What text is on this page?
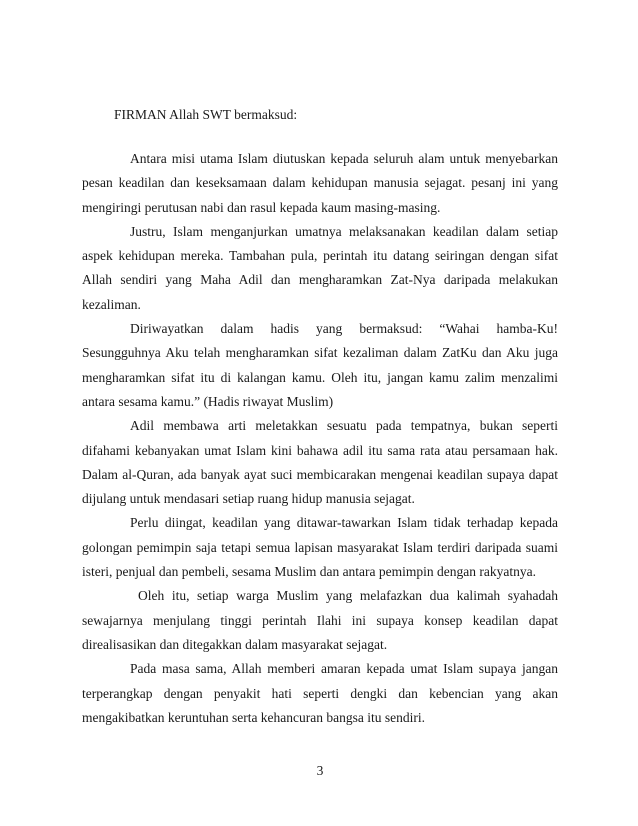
FIRMAN Allah SWT bermaksud:

Antara misi utama Islam diutuskan kepada seluruh alam untuk menyebarkan pesan keadilan dan keseksamaan dalam kehidupan manusia sejagat. pesanj ini yang mengiringi perutusan nabi dan rasul kepada kaum masing-masing.

Justru, Islam menganjurkan umatnya melaksanakan keadilan dalam setiap aspek kehidupan mereka. Tambahan pula, perintah itu datang seiringan dengan sifat Allah sendiri yang Maha Adil dan mengharamkan Zat-Nya daripada melakukan kezaliman.

Diriwayatkan dalam hadis yang bermaksud: “Wahai hamba-Ku! Sesungguhnya Aku telah mengharamkan sifat kezaliman dalam ZatKu dan Aku juga mengharamkan sifat itu di kalangan kamu. Oleh itu, jangan kamu zalim menzalimi antara sesama kamu.” (Hadis riwayat Muslim)

Adil membawa arti meletakkan sesuatu pada tempatnya, bukan seperti difahami kebanyakan umat Islam kini bahawa adil itu sama rata atau persamaan hak. Dalam al-Quran, ada banyak ayat suci membicarakan mengenai keadilan supaya dapat dijulang untuk mendasari setiap ruang hidup manusia sejagat.

Perlu diingat, keadilan yang ditawar-tawarkan Islam tidak terhadap kepada golongan pemimpin saja tetapi semua lapisan masyarakat Islam terdiri daripada suami isteri, penjual dan pembeli, sesama Muslim dan antara pemimpin dengan rakyatnya.

Oleh itu, setiap warga Muslim yang melafazkan dua kalimah syahadah sewajarnya menjulang tinggi perintah Ilahi ini supaya konsep keadilan dapat direalisasikan dan ditegakkan dalam masyarakat sejagat.

Pada masa sama, Allah memberi amaran kepada umat Islam supaya jangan terperangkap dengan penyakit hati seperti dengki dan kebencian yang akan mengakibatkan keruntuhan serta kehancuran bangsa itu sendiri.

3
